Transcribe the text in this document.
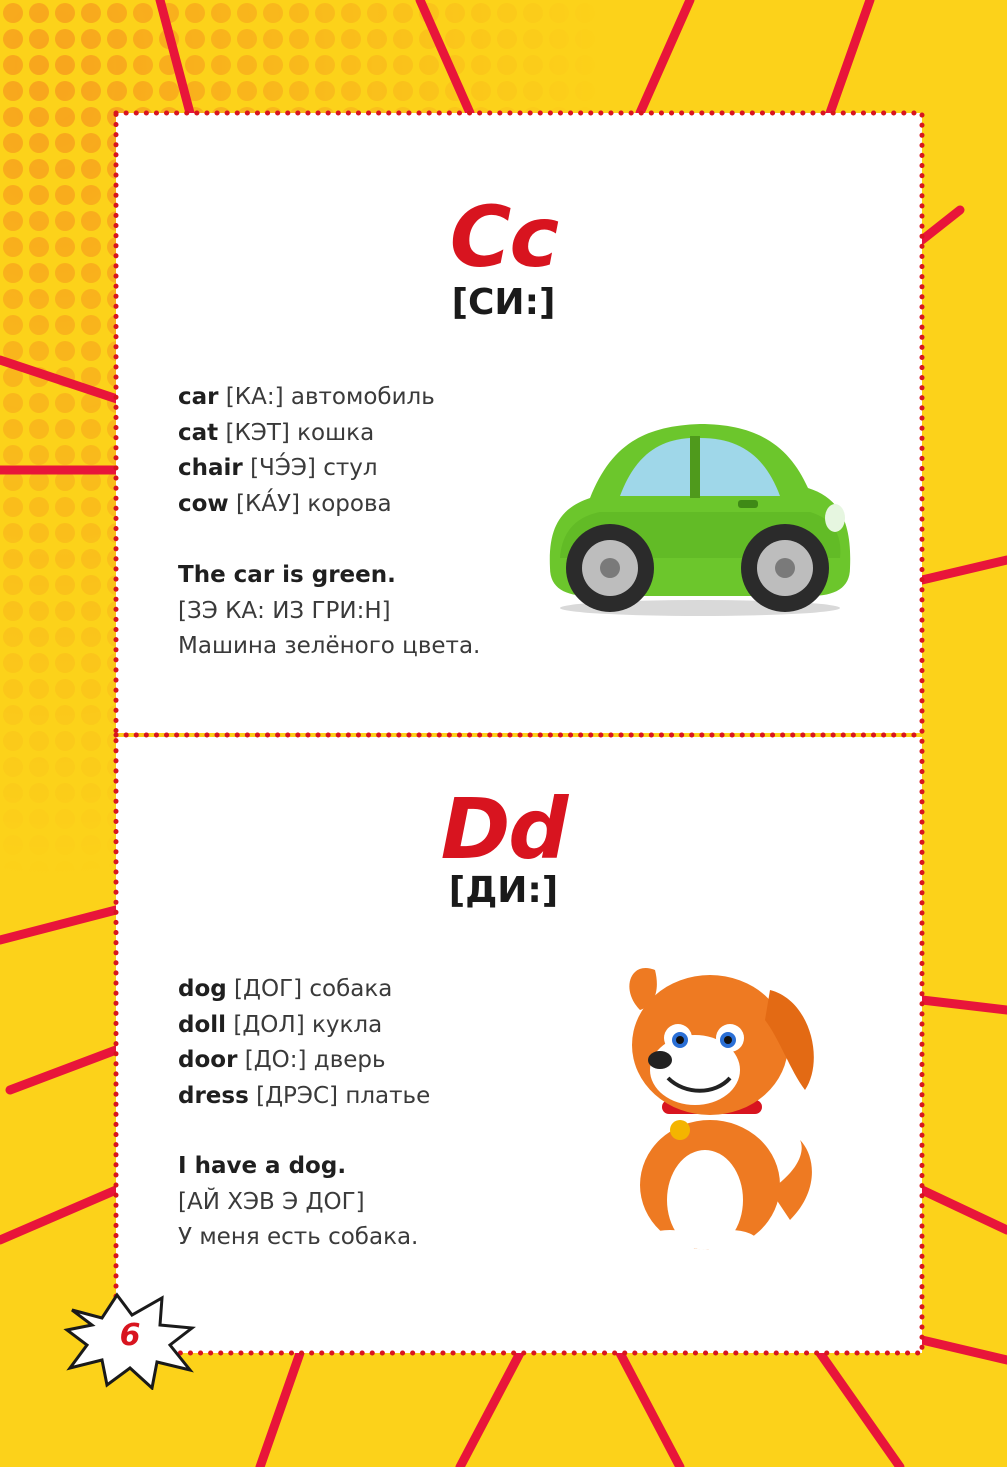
Cc
[СИ:]
car [КА:] автомобиль
cat [КЭТ] кошка
chair [ЧЭ́Э] стул
cow [КА́У] корова
The car is green.
[ЗЭ КА: ИЗ ГРИ:Н]
Машина зелёного цвета.
Dd
[ДИ:]
dog [ДОГ] собака
doll [ДОЛ] кукла
door [ДО:] дверь
dress [ДРЭС] платье
I have a dog.
[АЙ ХЭВ Э ДОГ]
У меня есть собака.
6
